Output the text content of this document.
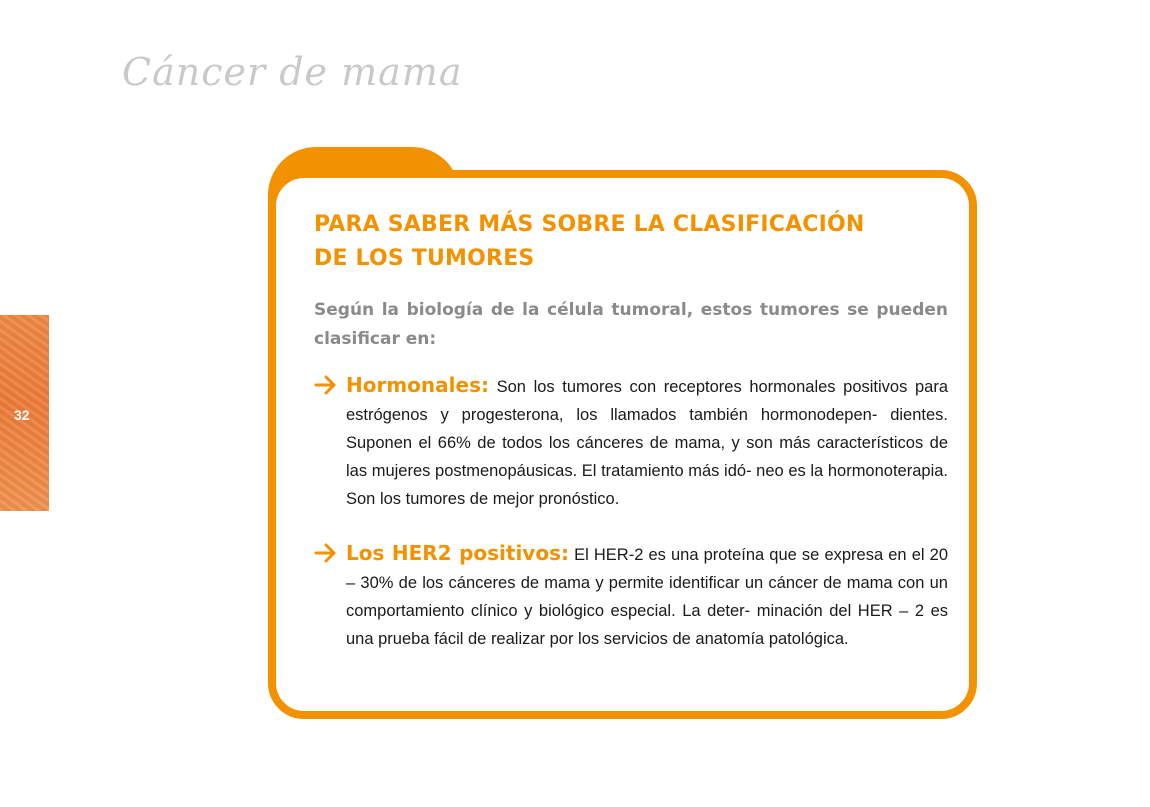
Cáncer de mama
32
PARA SABER MÁS SOBRE LA CLASIFICACIÓN
DE LOS TUMORES

Según la biología de la célula tumoral, estos tumores se pueden clasificar en:

Hormonales: Son los tumores con receptores hormonales positivos para estrógenos y progesterona, los llamados también hormonodepen- dientes. Suponen el 66% de todos los cánceres de mama, y son más característicos de las mujeres postmenopáusicas. El tratamiento más idó- neo es la hormonoterapia. Son los tumores de mejor pronóstico.

Los HER2 positivos: El HER-2 es una proteína que se expresa en el 20 – 30% de los cánceres de mama y permite identificar un cáncer de mama con un comportamiento clínico y biológico especial. La deter- minación del HER – 2 es una prueba fácil de realizar por los servicios de anatomía patológica.
